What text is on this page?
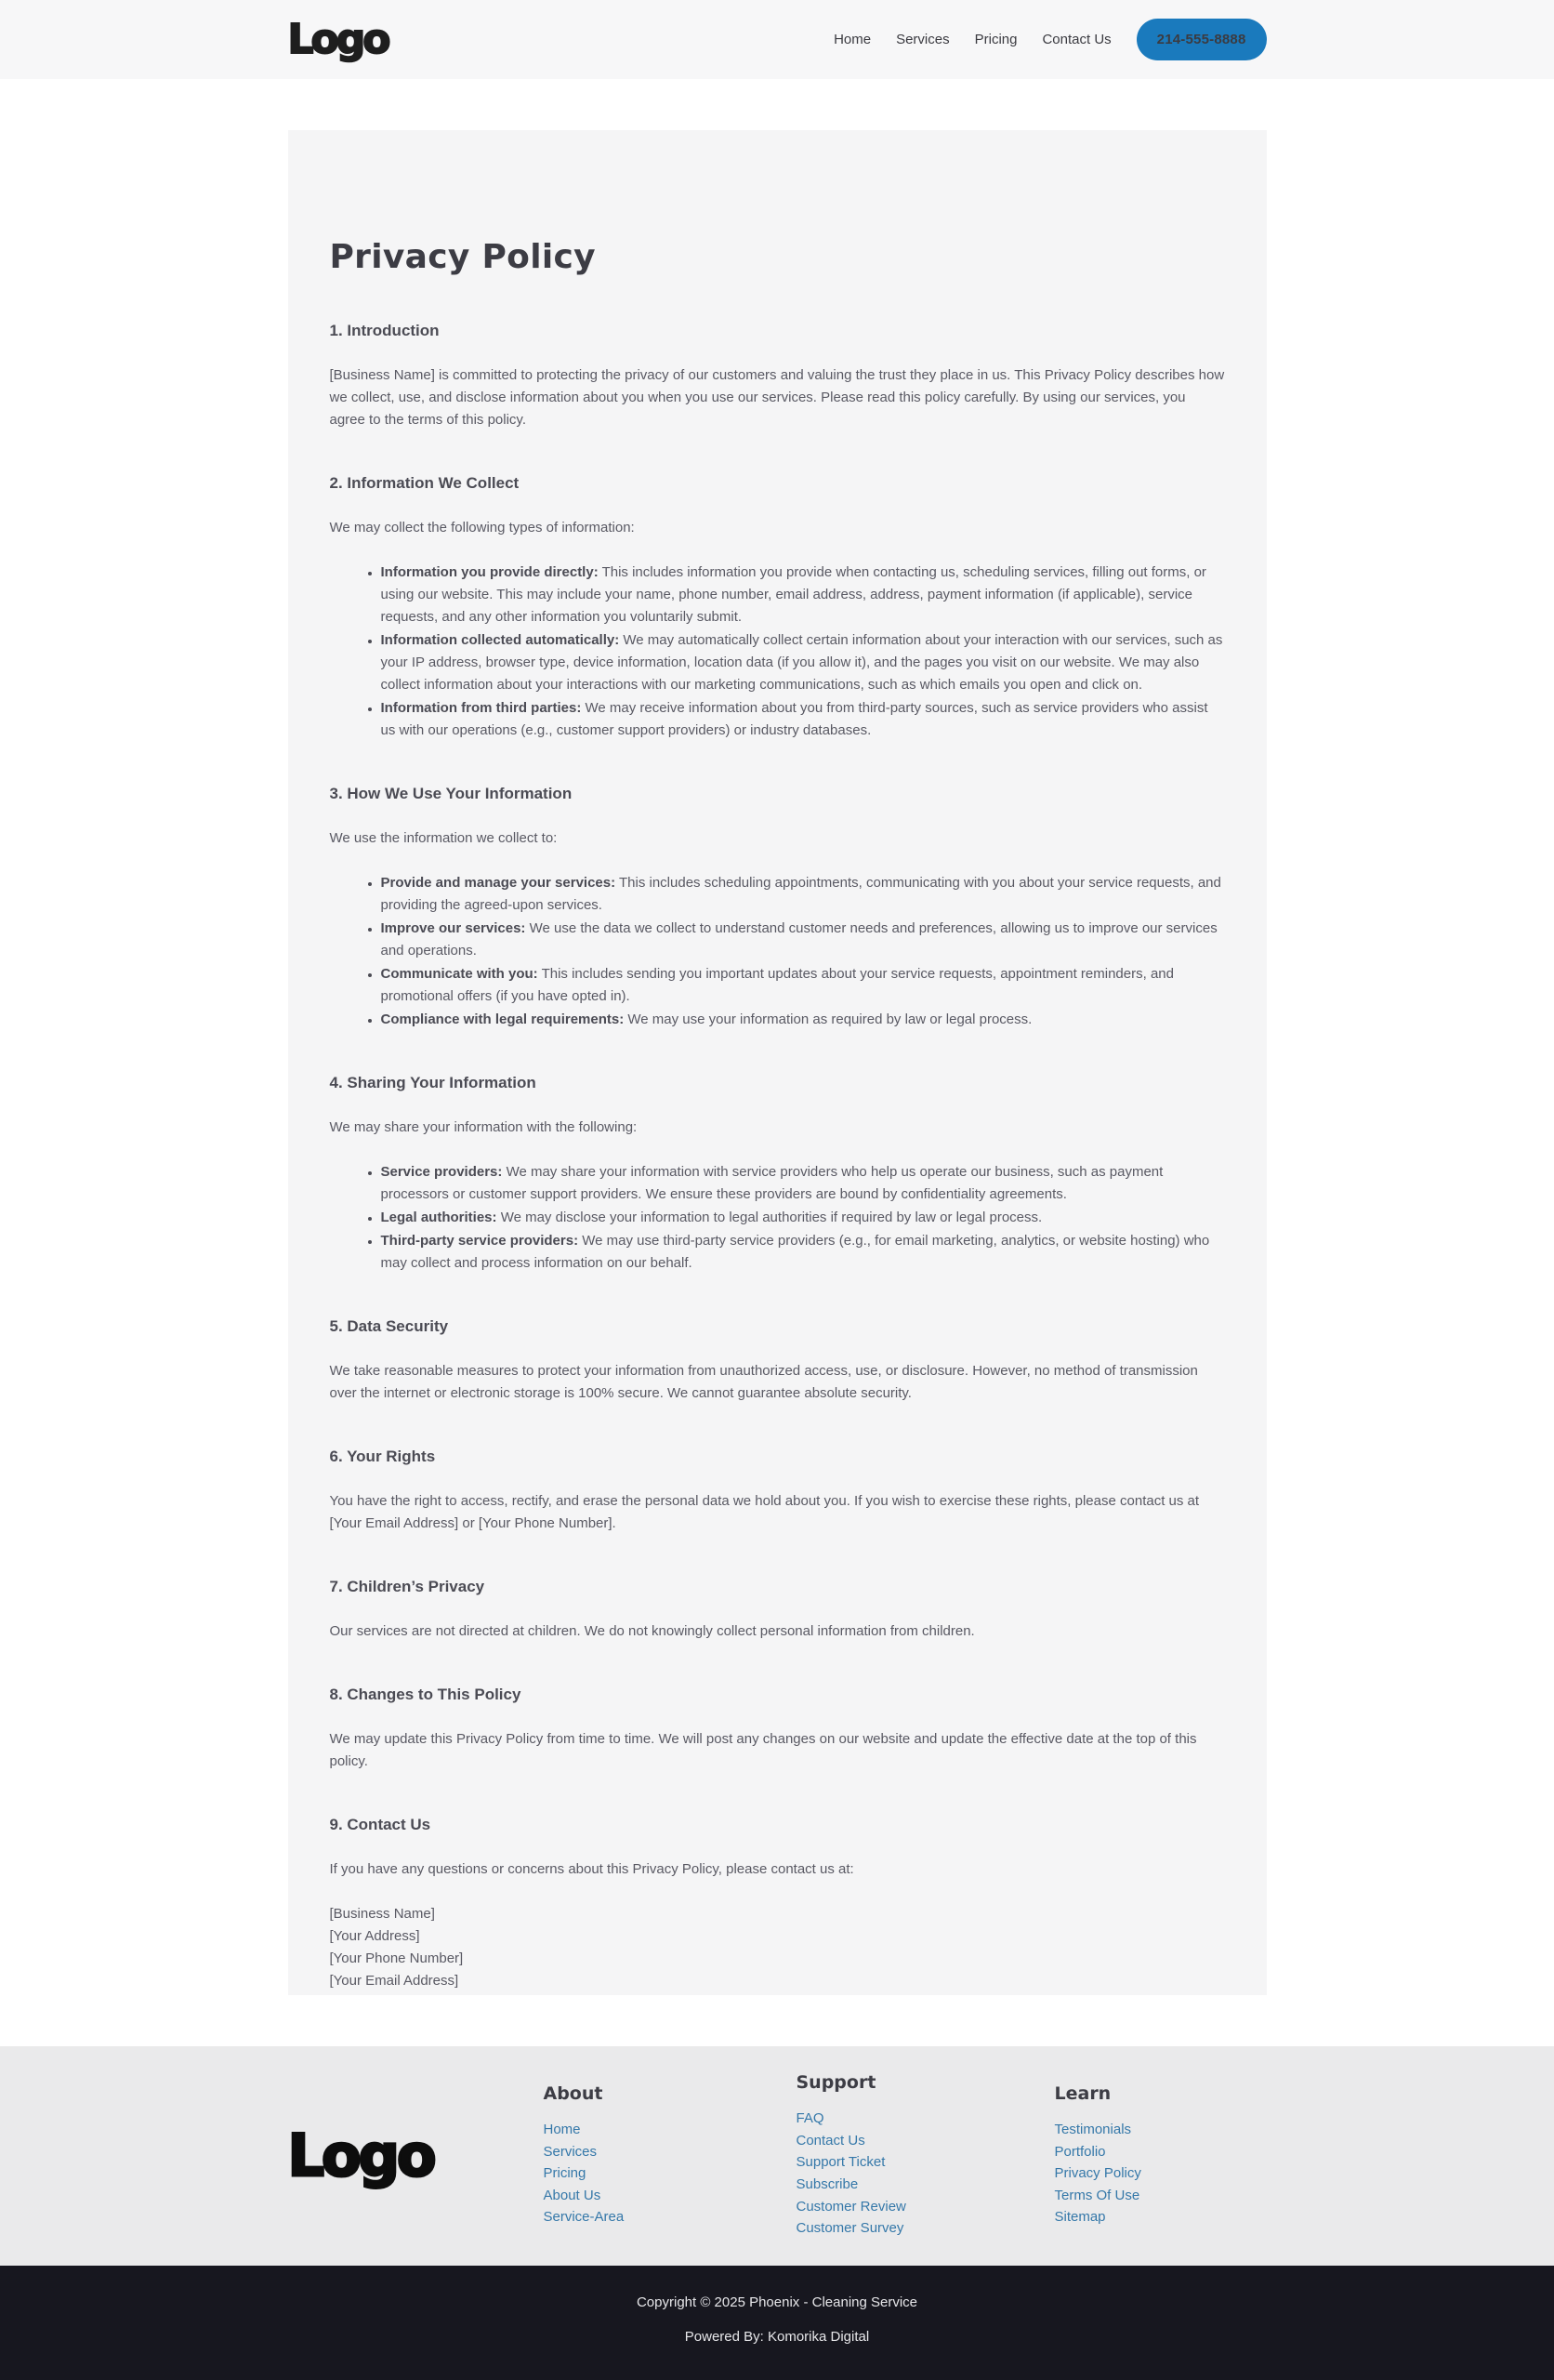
Logo	Home Services Pricing Contact Us	214-555-8888
Privacy Policy
1. Introduction

[Business Name] is committed to protecting the privacy of our customers and valuing the trust they place in us. This Privacy Policy describes how we collect, use, and disclose information about you when you use our services. Please read this policy carefully. By using our services, you agree to the terms of this policy.

2. Information We Collect

We may collect the following types of information:

• Information you provide directly: This includes information you provide when contacting us, scheduling services, filling out forms, or using our website. This may include your name, phone number, email address, address, payment information (if applicable), service requests, and any other information you voluntarily submit.
• Information collected automatically: We may automatically collect certain information about your interaction with our services, such as your IP address, browser type, device information, location data (if you allow it), and the pages you visit on our website. We may also collect information about your interactions with our marketing communications, such as which emails you open and click on.
• Information from third parties: We may receive information about you from third-party sources, such as service providers who assist us with our operations (e.g., customer support providers) or industry databases.
3. How We Use Your Information

We use the information we collect to:

• Provide and manage your services: This includes scheduling appointments, communicating with you about your service requests, and providing the agreed-upon services.
• Improve our services: We use the data we collect to understand customer needs and preferences, allowing us to improve our services and operations.
• Communicate with you: This includes sending you important updates about your service requests, appointment reminders, and promotional offers (if you have opted in).
• Compliance with legal requirements: We may use your information as required by law or legal process.
4. Sharing Your Information

We may share your information with the following:

• Service providers: We may share your information with service providers who help us operate our business, such as payment processors or customer support providers. We ensure these providers are bound by confidentiality agreements.
• Legal authorities: We may disclose your information to legal authorities if required by law or legal process.
• Third-party service providers: We may use third-party service providers (e.g., for email marketing, analytics, or website hosting) who may collect and process information on our behalf.
5. Data Security

We take reasonable measures to protect your information from unauthorized access, use, or disclosure. However, no method of transmission over the internet or electronic storage is 100% secure. We cannot guarantee absolute security.

6. Your Rights

You have the right to access, rectify, and erase the personal data we hold about you. If you wish to exercise these rights, please contact us at [Your Email Address] or [Your Phone Number].

7. Children’s Privacy

Our services are not directed at children. We do not knowingly collect personal information from children.

8. Changes to This Policy

We may update this Privacy Policy from time to time. We will post any changes on our website and update the effective date at the top of this policy.

9. Contact Us

If you have any questions or concerns about this Privacy Policy, please contact us at:

[Business Name]
[Your Address]
[Your Phone Number]
[Your Email Address]

Logo
About
Home
Services
Pricing
About Us
Service-Area
Support
FAQ
Contact Us
Support Ticket
Subscribe
Customer Review
Customer Survey
Learn
Testimonials
Portfolio
Privacy Policy
Terms Of Use
Sitemap
Copyright © 2025 Phoenix - Cleaning Service
Powered By: Komorika Digital
